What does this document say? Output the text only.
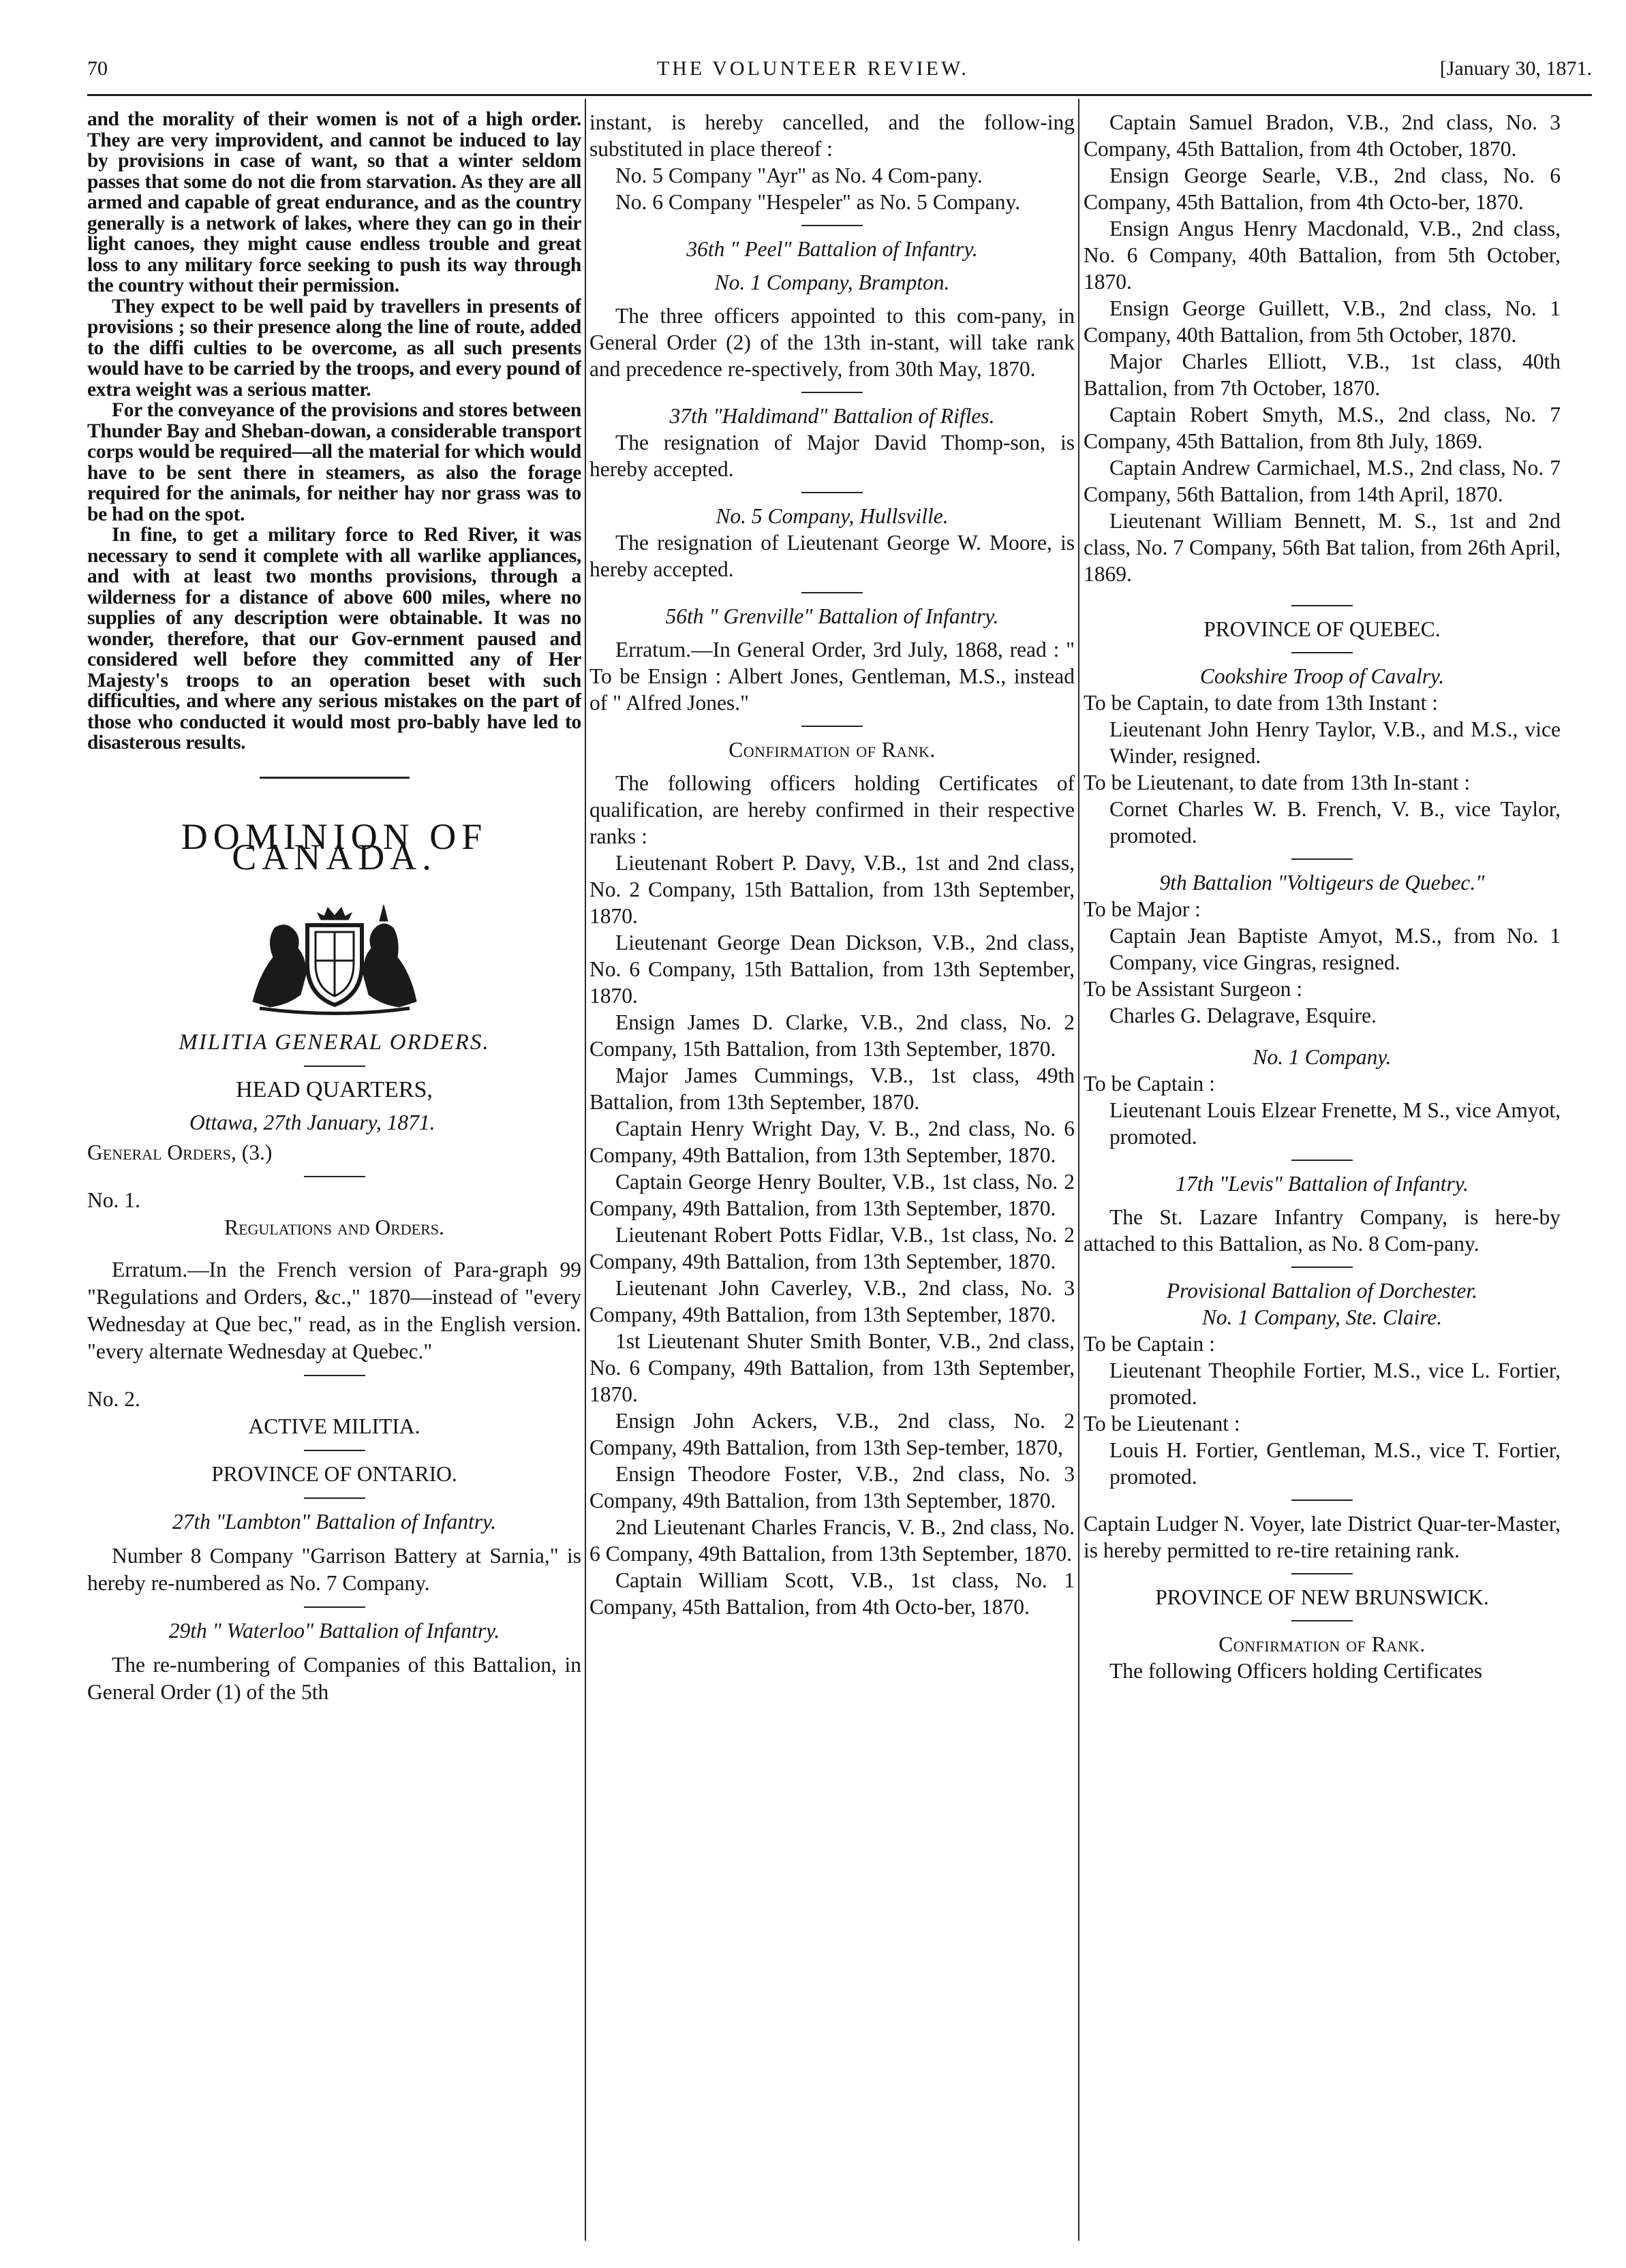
70	THE VOLUNTEER REVIEW.	[January 30, 1871.

and the morality of their women is not of a high order. They are very improvident, and cannot be induced to lay by provisions in case of want, so that a winter seldom passes that some do not die from starvation. As they are all armed and capable of great endurance, and as the country generally is a network of lakes, where they can go in their light canoes, they might cause endless trouble and great loss to any military force seeking to push its way through the country without their permission.

They expect to be well paid by travellers in presents of provisions ; so their presence along the line of route, added to the diffi culties to be overcome, as all such presents would have to be carried by the troops, and every pound of extra weight was a serious matter.

For the conveyance of the provisions and stores between Thunder Bay and Sheban-dowan, a considerable transport corps would be required—all the material for which would have to be sent there in steamers, as also the forage required for the animals, for neither hay nor grass was to be had on the spot.

In fine, to get a military force to Red River, it was necessary to send it complete with all warlike appliances, and with at least two months provisions, through a wilderness for a distance of above 600 miles, where no supplies of any description were obtainable. It was no wonder, therefore, that our Gov-ernment paused and considered well before they committed any of Her Majesty's troops to an operation beset with such difficulties, and where any serious mistakes on the part of those who conducted it would most pro-bably have led to disasterous results.

DOMINION OF CANADA.
MILITIA GENERAL ORDERS.
HEAD QUARTERS,
Ottawa, 27th January, 1871.
General Orders, (3.)
No. 1.
Regulations and Orders.

Erratum.—In the French version of Para-graph 99 "Regulations and Orders, &c.," 1870—instead of "every Wednesday at Que bec," read, as in the English version. "every alternate Wednesday at Quebec."

No. 2.
ACTIVE MILITIA.
PROVINCE OF ONTARIO.
27th "Lambton" Battalion of Infantry.

Number 8 Company "Garrison Battery at Sarnia," is hereby re-numbered as No. 7 Company.

29th " Waterloo" Battalion of Infantry.

The re-numbering of Companies of this Battalion, in General Order (1) of the 5th

instant, is hereby cancelled, and the follow-ing substituted in place thereof :

No. 5 Company "Ayr" as No. 4 Com-pany.

No. 6 Company "Hespeler" as No. 5 Company.

36th " Peel" Battalion of Infantry.
No. 1 Company, Brampton.

The three officers appointed to this com-pany, in General Order (2) of the 13th in-stant, will take rank and precedence re-spectively, from 30th May, 1870.

37th "Haldimand" Battalion of Rifles.

The resignation of Major David Thomp-son, is hereby accepted.

No. 5 Company, Hullsville.

The resignation of Lieutenant George W. Moore, is hereby accepted.

56th " Grenville" Battalion of Infantry.

Erratum.—In General Order, 3rd July, 1868, read : " To be Ensign : Albert Jones, Gentleman, M.S., instead of " Alfred Jones."

Confirmation of Rank.

The following officers holding Certificates of qualification, are hereby confirmed in their respective ranks :

Lieutenant Robert P. Davy, V.B., 1st and 2nd class, No. 2 Company, 15th Battalion, from 13th September, 1870.

Lieutenant George Dean Dickson, V.B., 2nd class, No. 6 Company, 15th Battalion, from 13th September, 1870.

Ensign James D. Clarke, V.B., 2nd class, No. 2 Company, 15th Battalion, from 13th September, 1870.

Major James Cummings, V.B., 1st class, 49th Battalion, from 13th September, 1870.

Captain Henry Wright Day, V. B., 2nd class, No. 6 Company, 49th Battalion, from 13th September, 1870.

Captain George Henry Boulter, V.B., 1st class, No. 2 Company, 49th Battalion, from 13th September, 1870.

Lieutenant Robert Potts Fidlar, V.B., 1st class, No. 2 Company, 49th Battalion, from 13th September, 1870.

Lieutenant John Caverley, V.B., 2nd class, No. 3 Company, 49th Battalion, from 13th September, 1870.

1st Lieutenant Shuter Smith Bonter, V.B., 2nd class, No. 6 Company, 49th Battalion, from 13th September, 1870.

Ensign John Ackers, V.B., 2nd class, No. 2 Company, 49th Battalion, from 13th Sep-tember, 1870,

Ensign Theodore Foster, V.B., 2nd class, No. 3 Company, 49th Battalion, from 13th September, 1870.

2nd Lieutenant Charles Francis, V. B., 2nd class, No. 6 Company, 49th Battalion, from 13th September, 1870.

Captain William Scott, V.B., 1st class, No. 1 Company, 45th Battalion, from 4th Octo-ber, 1870.

Captain Samuel Bradon, V.B., 2nd class, No. 3 Company, 45th Battalion, from 4th October, 1870.

Ensign George Searle, V.B., 2nd class, No. 6 Company, 45th Battalion, from 4th Octo-ber, 1870.

Ensign Angus Henry Macdonald, V.B., 2nd class, No. 6 Company, 40th Battalion, from 5th October, 1870.

Ensign George Guillett, V.B., 2nd class, No. 1 Company, 40th Battalion, from 5th October, 1870.

Major Charles Elliott, V.B., 1st class, 40th Battalion, from 7th October, 1870.

Captain Robert Smyth, M.S., 2nd class, No. 7 Company, 45th Battalion, from 8th July, 1869.

Captain Andrew Carmichael, M.S., 2nd class, No. 7 Company, 56th Battalion, from 14th April, 1870.

Lieutenant William Bennett, M. S., 1st and 2nd class, No. 7 Company, 56th Bat talion, from 26th April, 1869.

PROVINCE OF QUEBEC.
Cookshire Troop of Cavalry.

To be Captain, to date from 13th Instant :

Lieutenant John Henry Taylor, V.B., and M.S., vice Winder, resigned.

To be Lieutenant, to date from 13th In-stant :

Cornet Charles W. B. French, V. B., vice Taylor, promoted.

9th Battalion "Voltigeurs de Quebec."

To be Major :

Captain Jean Baptiste Amyot, M.S., from No. 1 Company, vice Gingras, resigned.

To be Assistant Surgeon :

Charles G. Delagrave, Esquire.

No. 1 Company.

To be Captain :

Lieutenant Louis Elzear Frenette, M S., vice Amyot, promoted.

17th "Levis" Battalion of Infantry.

The St. Lazare Infantry Company, is here-by attached to this Battalion, as No. 8 Com-pany.

Provisional Battalion of Dorchester.
No. 1 Company, Ste. Claire.

To be Captain :

Lieutenant Theophile Fortier, M.S., vice L. Fortier, promoted.

To be Lieutenant :

Louis H. Fortier, Gentleman, M.S., vice T. Fortier, promoted.

Captain Ludger N. Voyer, late District Quar-ter-Master, is hereby permitted to re-tire retaining rank.

PROVINCE OF NEW BRUNSWICK.
Confirmation of Rank.

The following Officers holding Certificates
